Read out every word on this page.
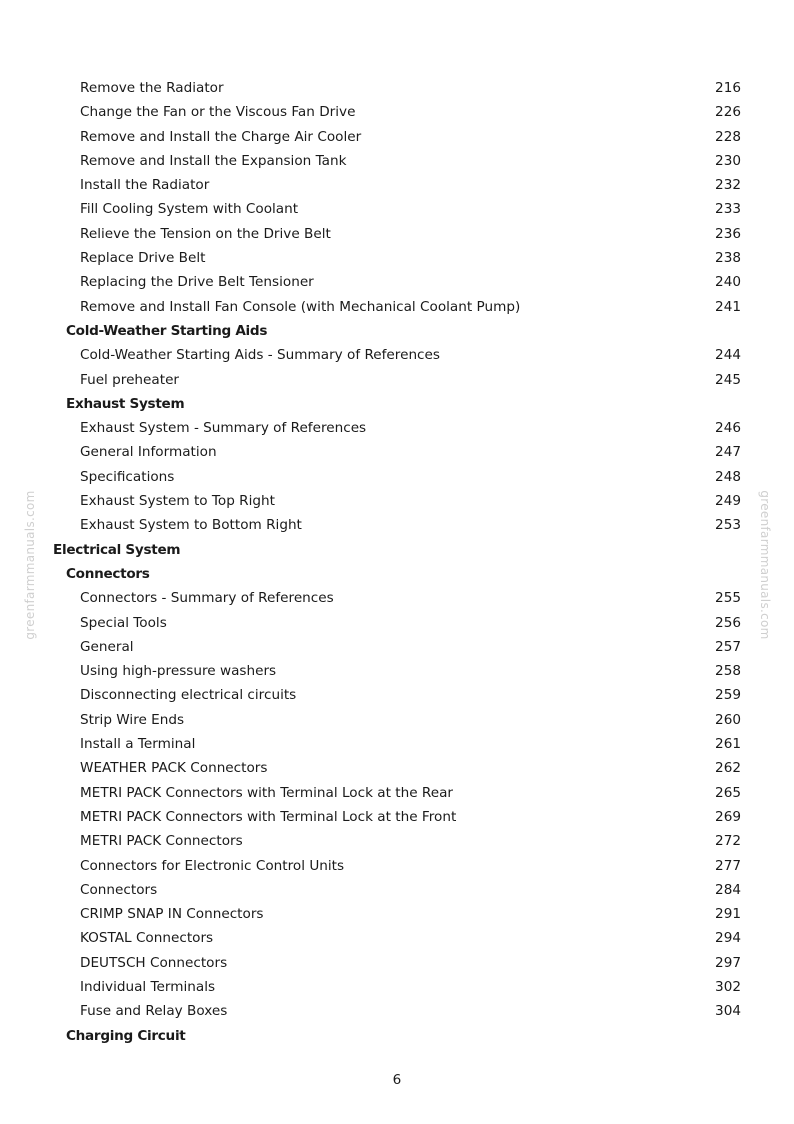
greenfarmmanuals.com	greenfarmmanuals.com
Remove the Radiator	216
Change the Fan or the Viscous Fan Drive	226
Remove and Install the Charge Air Cooler	228
Remove and Install the Expansion Tank	230
Install the Radiator	232
Fill Cooling System with Coolant	233
Relieve the Tension on the Drive Belt	236
Replace Drive Belt	238
Replacing the Drive Belt Tensioner	240
Remove and Install Fan Console (with Mechanical Coolant Pump)	241
Cold-Weather Starting Aids
Cold-Weather Starting Aids - Summary of References	244
Fuel preheater	245
Exhaust System
Exhaust System - Summary of References	246
General Information	247
Specifications	248
Exhaust System to Top Right	249
Exhaust System to Bottom Right	253
Electrical System
Connectors
Connectors - Summary of References	255
Special Tools	256
General	257
Using high-pressure washers	258
Disconnecting electrical circuits	259
Strip Wire Ends	260
Install a Terminal	261
WEATHER PACK Connectors	262
METRI PACK Connectors with Terminal Lock at the Rear	265
METRI PACK Connectors with Terminal Lock at the Front	269
METRI PACK Connectors	272
Connectors for Electronic Control Units	277
Connectors	284
CRIMP SNAP IN Connectors	291
KOSTAL Connectors	294
DEUTSCH Connectors	297
Individual Terminals	302
Fuse and Relay Boxes	304
Charging Circuit
6
